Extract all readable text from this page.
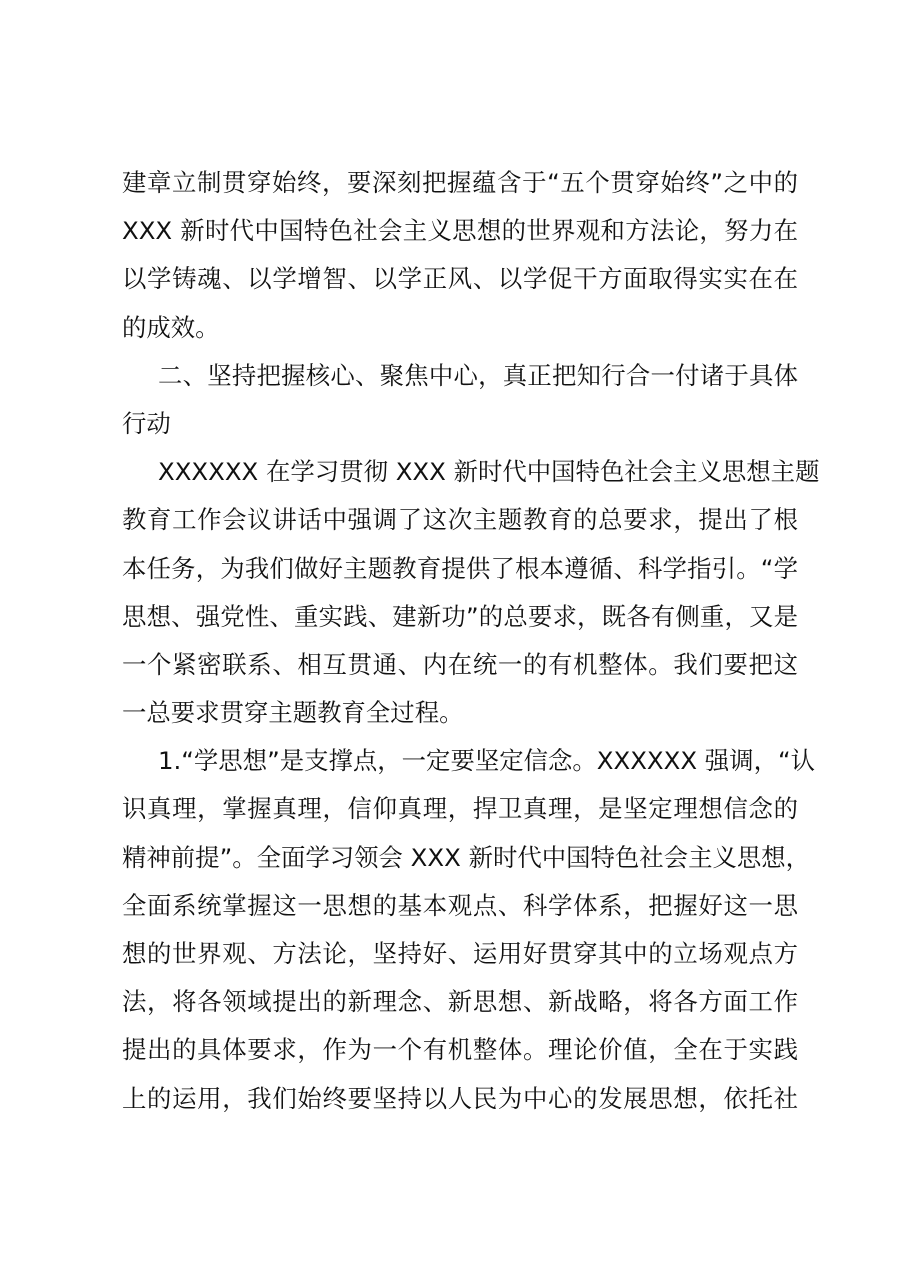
建章立制贯穿始终，要深刻把握蕴含于“五个贯穿始终”之中的
XXX 新时代中国特色社会主义思想的世界观和方法论，努力在
以学铸魂、以学增智、以学正风、以学促干方面取得实实在在
的成效。
二、坚持把握核心、聚焦中心，真正把知行合一付诸于具体
行动
XXXXXX 在学习贯彻 XXX 新时代中国特色社会主义思想主题
教育工作会议讲话中强调了这次主题教育的总要求，提出了根
本任务，为我们做好主题教育提供了根本遵循、科学指引。“学
思想、强党性、重实践、建新功”的总要求，既各有侧重，又是
一个紧密联系、相互贯通、内在统一的有机整体。我们要把这
一总要求贯穿主题教育全过程。
1.“学思想”是支撑点，一定要坚定信念。XXXXXX 强调，“认
识真理，掌握真理，信仰真理，捍卫真理，是坚定理想信念的
精神前提”。全面学习领会 XXX 新时代中国特色社会主义思想，
全面系统掌握这一思想的基本观点、科学体系，把握好这一思
想的世界观、方法论，坚持好、运用好贯穿其中的立场观点方
法，将各领域提出的新理念、新思想、新战略，将各方面工作
提出的具体要求，作为一个有机整体。理论价值，全在于实践
上的运用，我们始终要坚持以人民为中心的发展思想，依托社
